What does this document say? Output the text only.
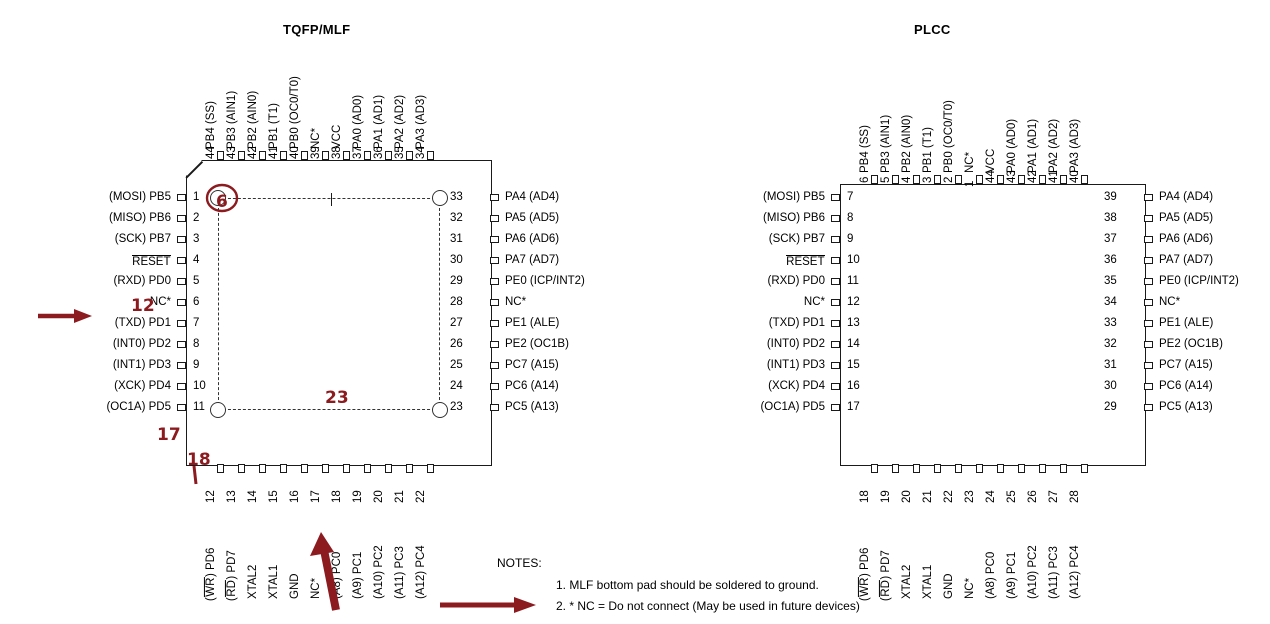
TQFP/MLF
(MOSI) PB5
(MISO) PB6
(SCK) PB7
RESET
(RXD) PD0
NC*
(TXD) PD1
(INT0) PD2
(INT1) PD3
(XCK) PD4
(OC1A) PD5
1
2
3
4
5
6
7
8
9
10
11
33
32
31
30
29
28
27
26
25
24
23
PA4 (AD4)
PA5 (AD5)
PA6 (AD6)
PA7 (AD7)
PE0 (ICP/INT2)
NC*
PE1 (ALE)
PE2 (OC1B)
PC7 (A15)
PC6 (A14)
PC5 (A13)
44 43 42 41 40 39 38 37 36 35 34
PB4 (SS) PB3 (AIN1) PB2 (AIN0) PB1 (T1) PB0 (OC0/T0) NC* VCC PA0 (AD0) PA1 (AD1) PA2 (AD2) PA3 (AD3)
12 13 14 15 16 17 18 19 20 21 22
(WR) PD6
(RD) PD7 XTAL2 XTAL1 GND NC* (A8) PC0 (A9) PC1 (A10) PC2 (A11) PC3 (A12) PC4
PLCC
(MOSI) PB5
(MISO) PB6
(SCK) PB7
RESET
(RXD) PD0
NC*
(TXD) PD1
(INT0) PD2
(INT1) PD3
(XCK) PD4
(OC1A) PD5
7
8
9
10
11
12
13
14
15
16
17
39
38
37
36
35
34
33
32
31
30
29
PA4 (AD4)
PA5 (AD5)
PA6 (AD6)
PA7 (AD7)
PE0 (ICP/INT2)
NC*
PE1 (ALE)
PE2 (OC1B)
PC7 (A15)
PC6 (A14)
PC5 (A13)
6 5 4 3 2
1
44 43 42 41 40
PB4 (SS) PB3 (AIN1) PB2 (AIN0) PB1 (T1) PB0 (OC0/T0) NC* VCC PA0 (AD0) PA1 (AD1) PA2 (AD2) PA3 (AD3)
18 19 20 21 22 23 24 25 26 27 28
(WR) PD6
(RD) PD7 XTAL2 XTAL1 GND NC* (A8) PC0 (A9) PC1 (A10) PC2 (A11) PC3 (A12) PC4
NOTES:
1. MLF bottom pad should be soldered to ground.
2. * NC = Do not connect (May be used in future devices)
6
12
17
18
23
